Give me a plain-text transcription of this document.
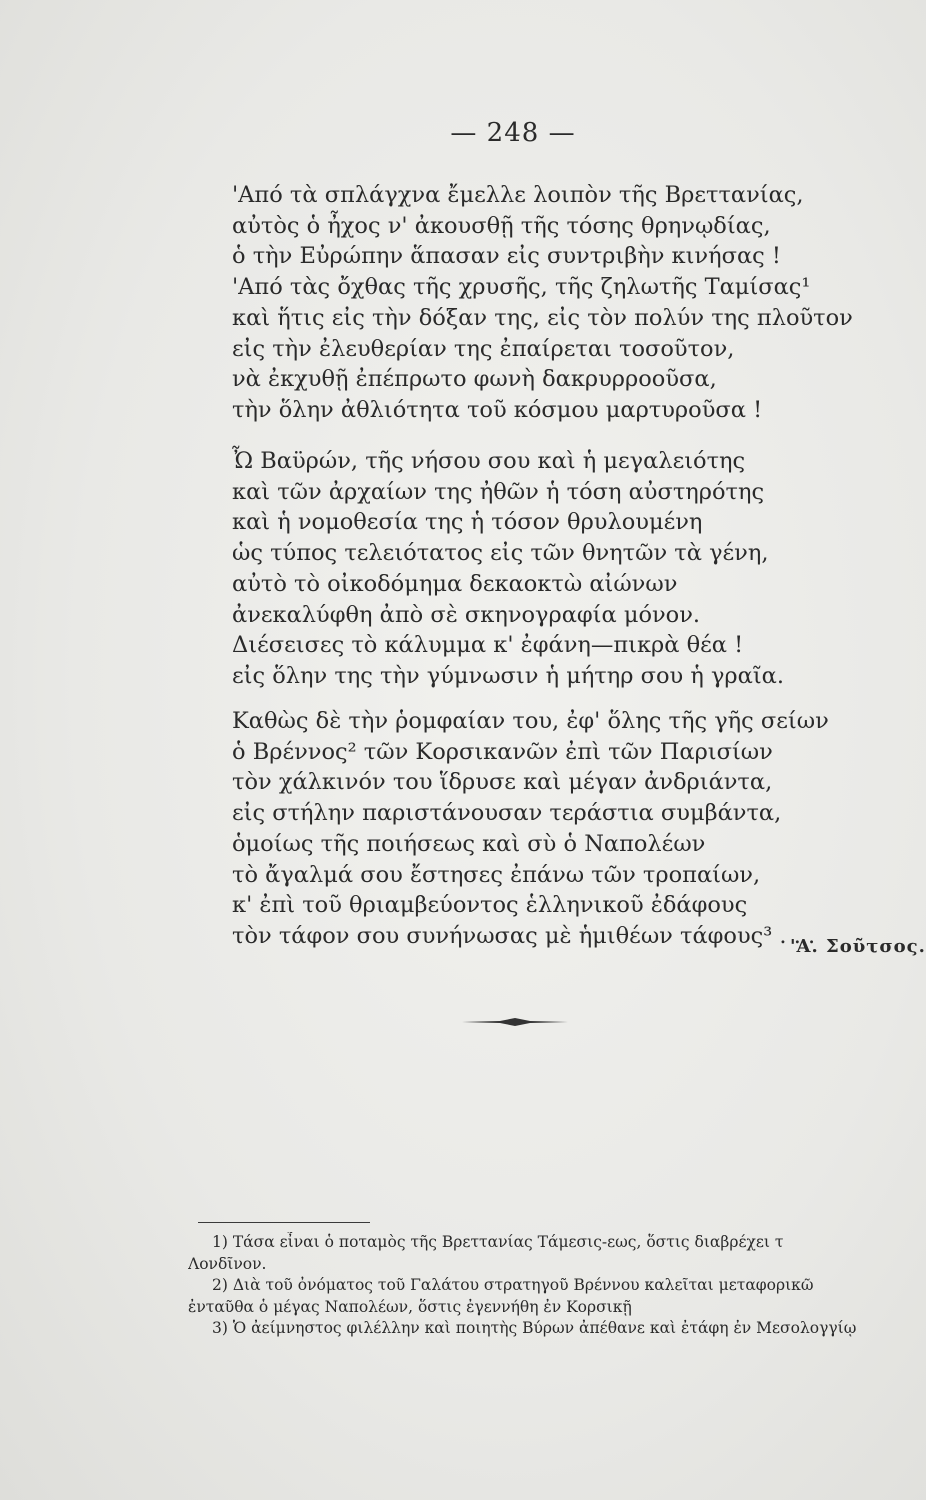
— 248 —
'Από τὰ σπλάγχνα ἔμελλε λοιπὸν τῆς Βρεττανίας,
αὐτὸς ὁ ἦχος ν' ἀκουσθῇ τῆς τόσης θρηνῳδίας,
ὁ τὴν Εὐρώπην ἅπασαν εἰς συντριβὴν κινήσας !
'Από τὰς ὄχθας τῆς χρυσῆς, τῆς ζηλωτῆς Ταμίσας¹
καὶ ἥτις εἰς τὴν δόξαν της, εἰς τὸν πολύν της πλοῦτον
εἰς τὴν ἐλευθερίαν της ἐπαίρεται τοσοῦτον,
νὰ ἐκχυθῇ ἐπέπρωτο φωνὴ δακρυρροοῦσα,
τὴν ὅλην ἀθλιότητα τοῦ κόσμου μαρτυροῦσα !
Ὦ Βαϋρών, τῆς νήσου σου καὶ ἡ μεγαλειότης
καὶ τῶν ἀρχαίων της ἠθῶν ἡ τόση αὐστηρότης
καὶ ἡ νομοθεσία της ἡ τόσον θρυλουμένη
ὡς τύπος τελειότατος εἰς τῶν θνητῶν τὰ γένη,
αὐτὸ τὸ οἰκοδόμημα δεκαοκτὼ αἰώνων
ἀνεκαλύφθη ἀπὸ σὲ σκηνογραφία μόνον.
Διέσεισες τὸ κάλυμμα κ' ἐφάνη—πικρὰ θέα !
εἰς ὅλην της τὴν γύμνωσιν ἡ μήτηρ σου ἡ γραῖα.
Καθὼς δὲ τὴν ῥομφαίαν του, ἐφ' ὅλης τῆς γῆς σείων
ὁ Βρέννος² τῶν Κορσικανῶν ἐπὶ τῶν Παρισίων
τὸν χάλκινόν του ἵδρυσε καὶ μέγαν ἀνδριάντα,
εἰς στήλην παριστάνουσαν τεράστια συμβάντα,
ὁμοίως τῆς ποιήσεως καὶ σὺ ὁ Ναπολέων
τὸ ἄγαλμά σου ἔστησες ἐπάνω τῶν τροπαίων,
κ' ἐπὶ τοῦ θριαμβεύοντος ἑλληνικοῦ ἐδάφους
τὸν τάφον σου συνήνωσας μὲ ἡμιθέων τάφους³ . . .
'Α. Σοῦτσος.
1) Τάσα εἶναι ὁ ποταμὸς τῆς Βρεττανίας Τάμεσις-εως, ὅστις διαβρέχει τ
Λονδῖνον.
2) Διὰ τοῦ ὀνόματος τοῦ Γαλάτου στρατηγοῦ Βρέννου καλεῖται μεταφορικῶ
ἐνταῦθα ὁ μέγας Ναπολέων, ὅστις ἐγεννήθη ἐν Κορσικῇ
3) Ὁ ἀείμνηστος φιλέλλην καὶ ποιητὴς Βύρων ἀπέθανε καὶ ἐτάφη ἐν Μεσολογγίῳ
